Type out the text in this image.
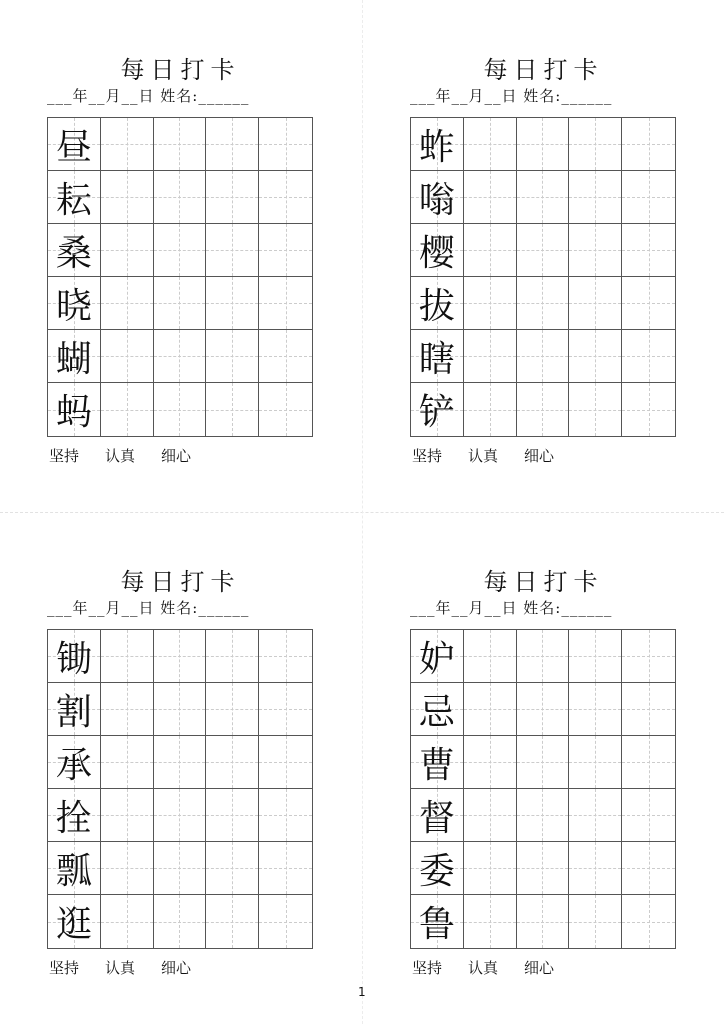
每日打卡
___年__月__日 姓名:______
昼
耘
桑
晓
蝴
蚂
坚持 认真 细心
每日打卡
___年__月__日 姓名:______
蚱
嗡
樱
拔
瞎
铲
坚持 认真 细心
每日打卡
___年__月__日 姓名:______
锄
割
承
拴
瓢
逛
坚持 认真 细心
每日打卡
___年__月__日 姓名:______
妒
忌
曹
督
委
鲁
坚持 认真 细心
1
